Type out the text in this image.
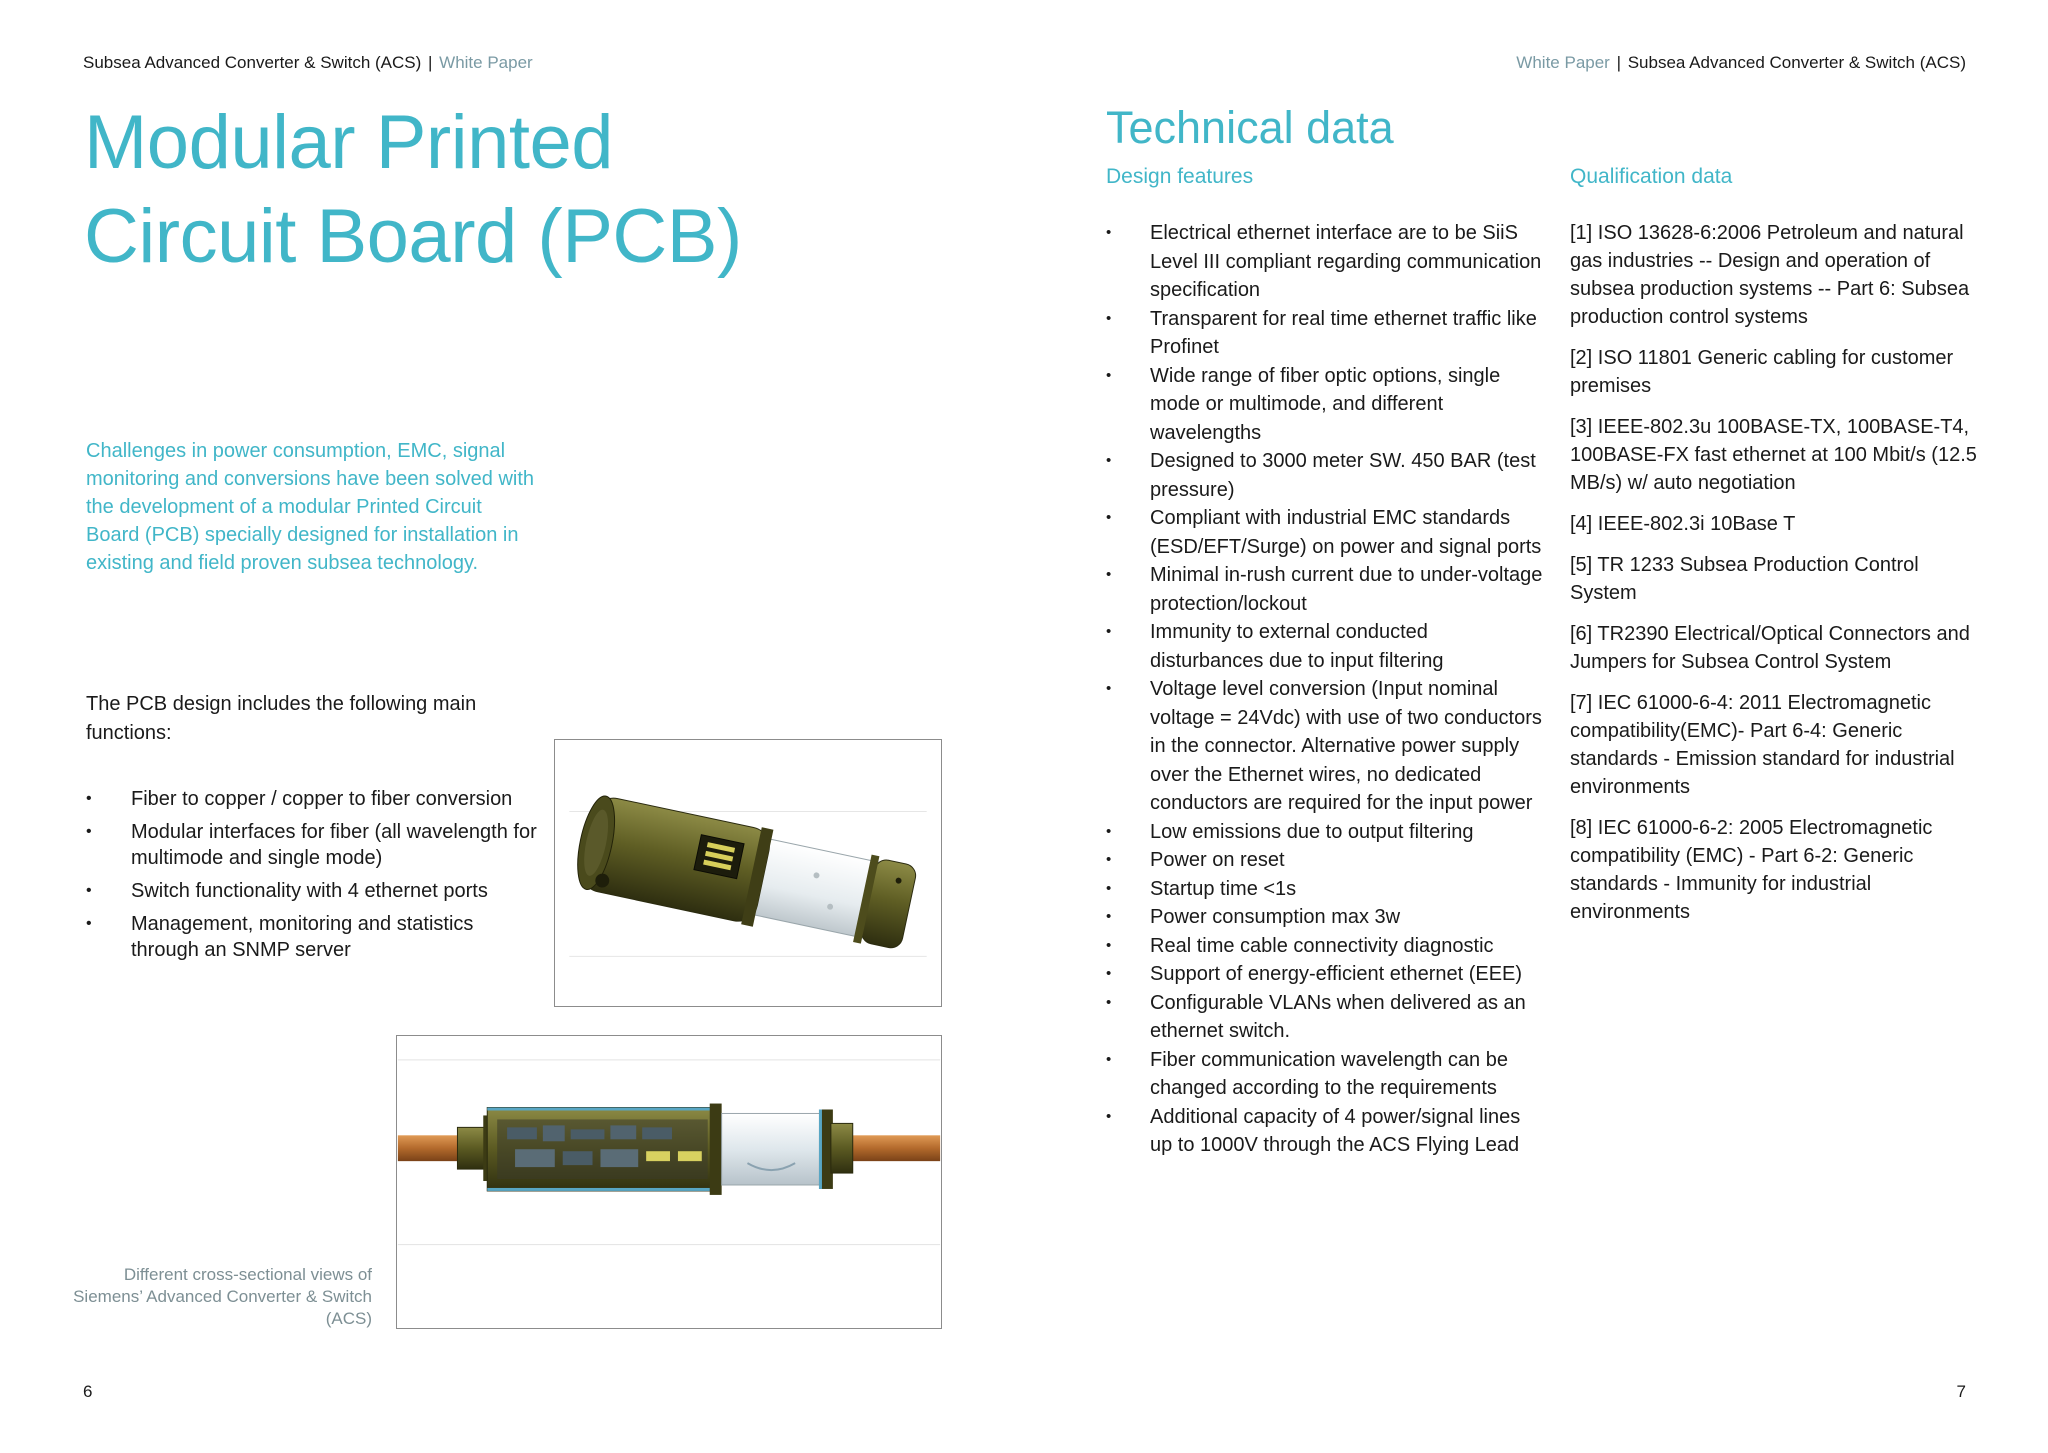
Subsea Advanced Converter & Switch (ACS) | White Paper
Modular Printed Circuit Board (PCB)

Challenges in power consumption, EMC, signal monitoring and conversions have been solved with the development of a modular Printed Circuit Board (PCB) specially designed for installation in existing and field proven subsea technology.

The PCB design includes the following main functions:

• Fiber to copper / copper to fiber conversion
• Modular interfaces for fiber (all wavelength for multimode and single mode)
• Switch functionality with 4 ethernet ports
• Management, monitoring and statistics through an SNMP server
Different cross-sectional views of Siemens’ Advanced Converter & Switch (ACS)
6
White Paper | Subsea Advanced Converter & Switch (ACS)
Technical data
Design features	Qualification data
• Electrical ethernet interface are to be SiiS Level III compliant regarding communication specification
• Transparent for real time ethernet traffic like Profinet
• Wide range of fiber optic options, single mode or multimode, and different wavelengths
• Designed to 3000 meter SW. 450 BAR (test pressure)
• Compliant with industrial EMC standards (ESD/EFT/Surge) on power and signal ports
• Minimal in-rush current due to under-voltage protection/lockout
• Immunity to external conducted disturbances due to input filtering
• Voltage level conversion (Input nominal voltage = 24Vdc) with use of two conductors in the connector. Alternative power supply over the Ethernet wires, no dedicated conductors are required for the input power
• Low emissions due to output filtering
• Power on reset
• Startup time <1s
• Power consumption max 3w
• Real time cable connectivity diagnostic
• Support of energy-efficient ethernet (EEE)
• Configurable VLANs when delivered as an ethernet switch.
• Fiber communication wavelength can be changed according to the requirements
• Additional capacity of 4 power/signal lines up to 1000V through the ACS Flying Lead
[1] ISO 13628-6:2006 Petroleum and natural gas industries -- Design and operation of subsea production systems -- Part 6: Subsea production control systems
[2] ISO 11801 Generic cabling for customer premises
[3] IEEE-802.3u 100BASE-TX, 100BASE-T4, 100BASE-FX fast ethernet at 100 Mbit/s (12.5 MB/s) w/ auto negotiation
[4] IEEE-802.3i 10Base T
[5] TR 1233 Subsea Production Control System
[6] TR2390 Electrical/Optical Connectors and Jumpers for Subsea Control System
[7] IEC 61000-6-4: 2011 Electromagnetic compatibility(EMC)- Part 6-4: Generic standards - Emission standard for industrial environments
[8] IEC 61000-6-2: 2005 Electromagnetic compatibility (EMC) - Part 6-2: Generic standards - Immunity for industrial environments
7
